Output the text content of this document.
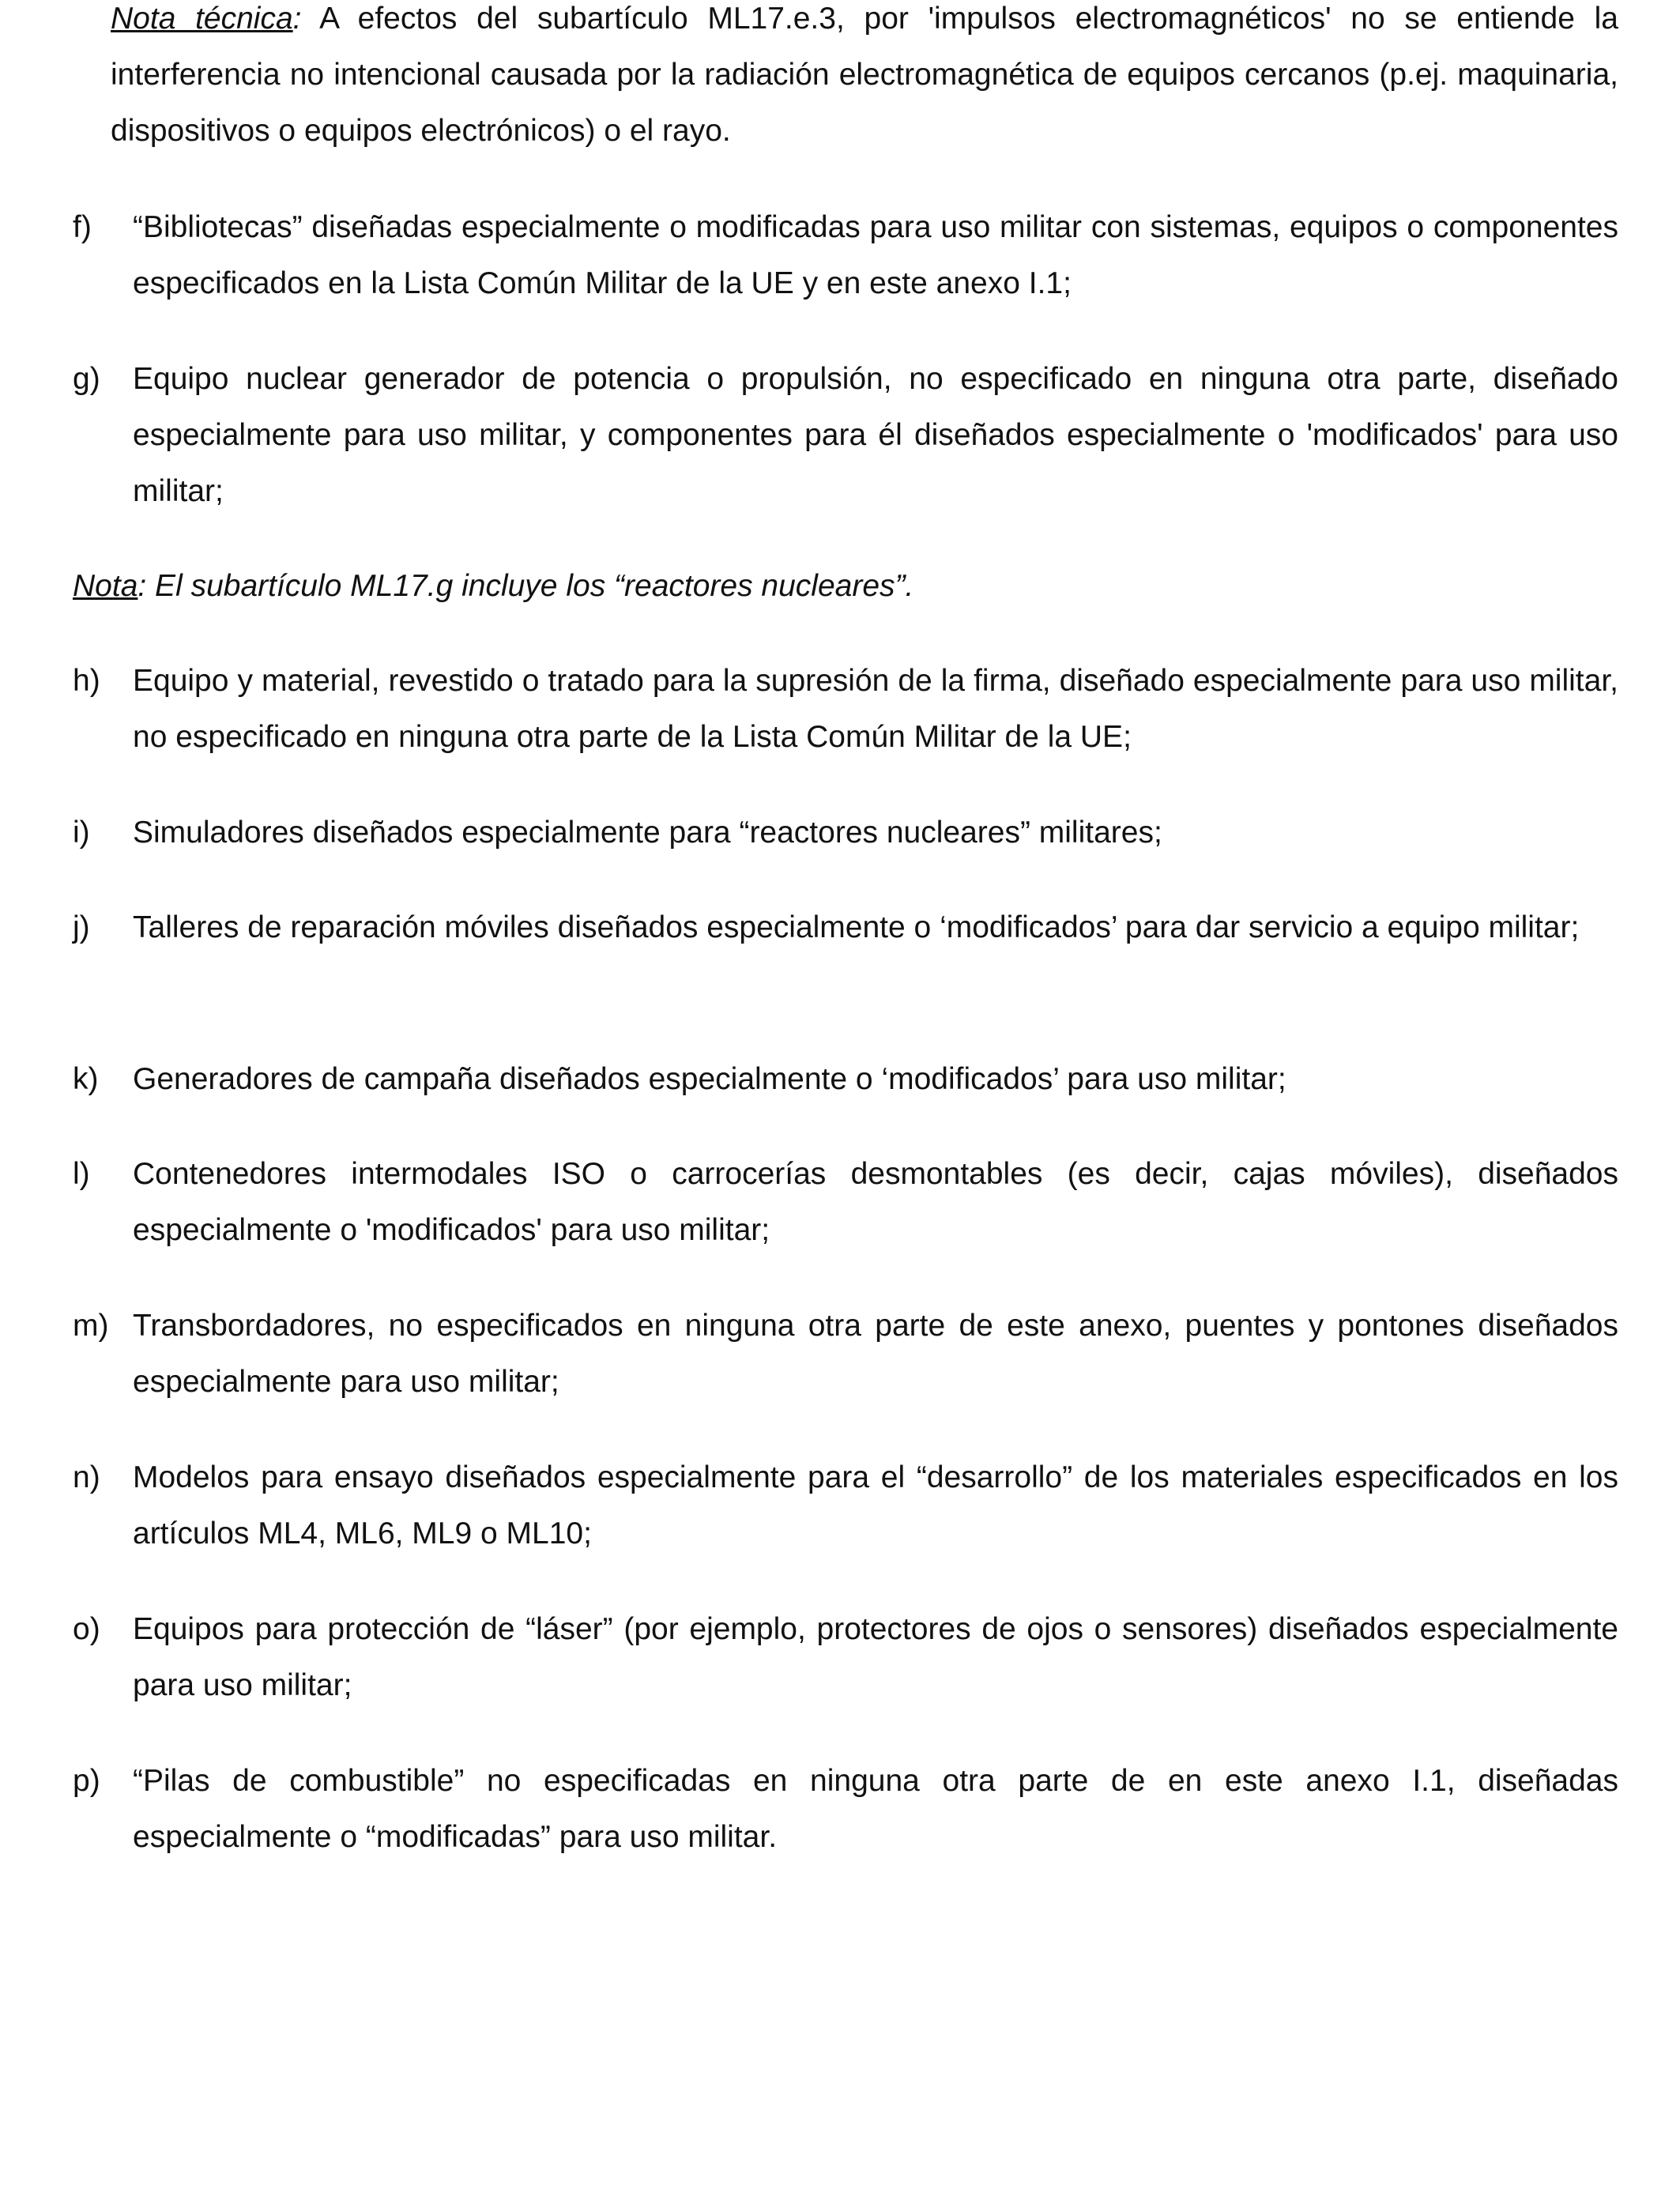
Nota técnica: A efectos del subartículo ML17.e.3, por 'impulsos electromagnéticos' no se entiende la interferencia no intencional causada por la radiación electromagnética de equipos cercanos (p.ej. maquinaria, dispositivos o equipos electrónicos) o el rayo.

f) “Bibliotecas” diseñadas especialmente o modificadas para uso militar con sistemas, equipos o componentes especificados en la Lista Común Militar de la UE y en este anexo I.1;

g) Equipo nuclear generador de potencia o propulsión, no especificado en ninguna otra parte, diseñado especialmente para uso militar, y componentes para él diseñados especialmente o 'modificados' para uso militar;

Nota: El subartículo ML17.g incluye los “reactores nucleares”.

h) Equipo y material, revestido o tratado para la supresión de la firma, diseñado especialmente para uso militar, no especificado en ninguna otra parte de la Lista Común Militar de la UE;

i) Simuladores diseñados especialmente para “reactores nucleares” militares;

j) Talleres de reparación móviles diseñados especialmente o ‘modificados’ para dar servicio a equipo militar;

k) Generadores de campaña diseñados especialmente o ‘modificados’ para uso militar;

l) Contenedores intermodales ISO o carrocerías desmontables (es decir, cajas móviles), diseñados especialmente o 'modificados' para uso militar;

m) Transbordadores, no especificados en ninguna otra parte de este anexo, puentes y pontones diseñados especialmente para uso militar;

n) Modelos para ensayo diseñados especialmente para el “desarrollo” de los materiales especificados en los artículos ML4, ML6, ML9 o ML10;

o) Equipos para protección de “láser” (por ejemplo, protectores de ojos o sensores) diseñados especialmente para uso militar;

p) “Pilas de combustible” no especificadas en ninguna otra parte de en este anexo I.1, diseñadas especialmente o “modificadas” para uso militar.
